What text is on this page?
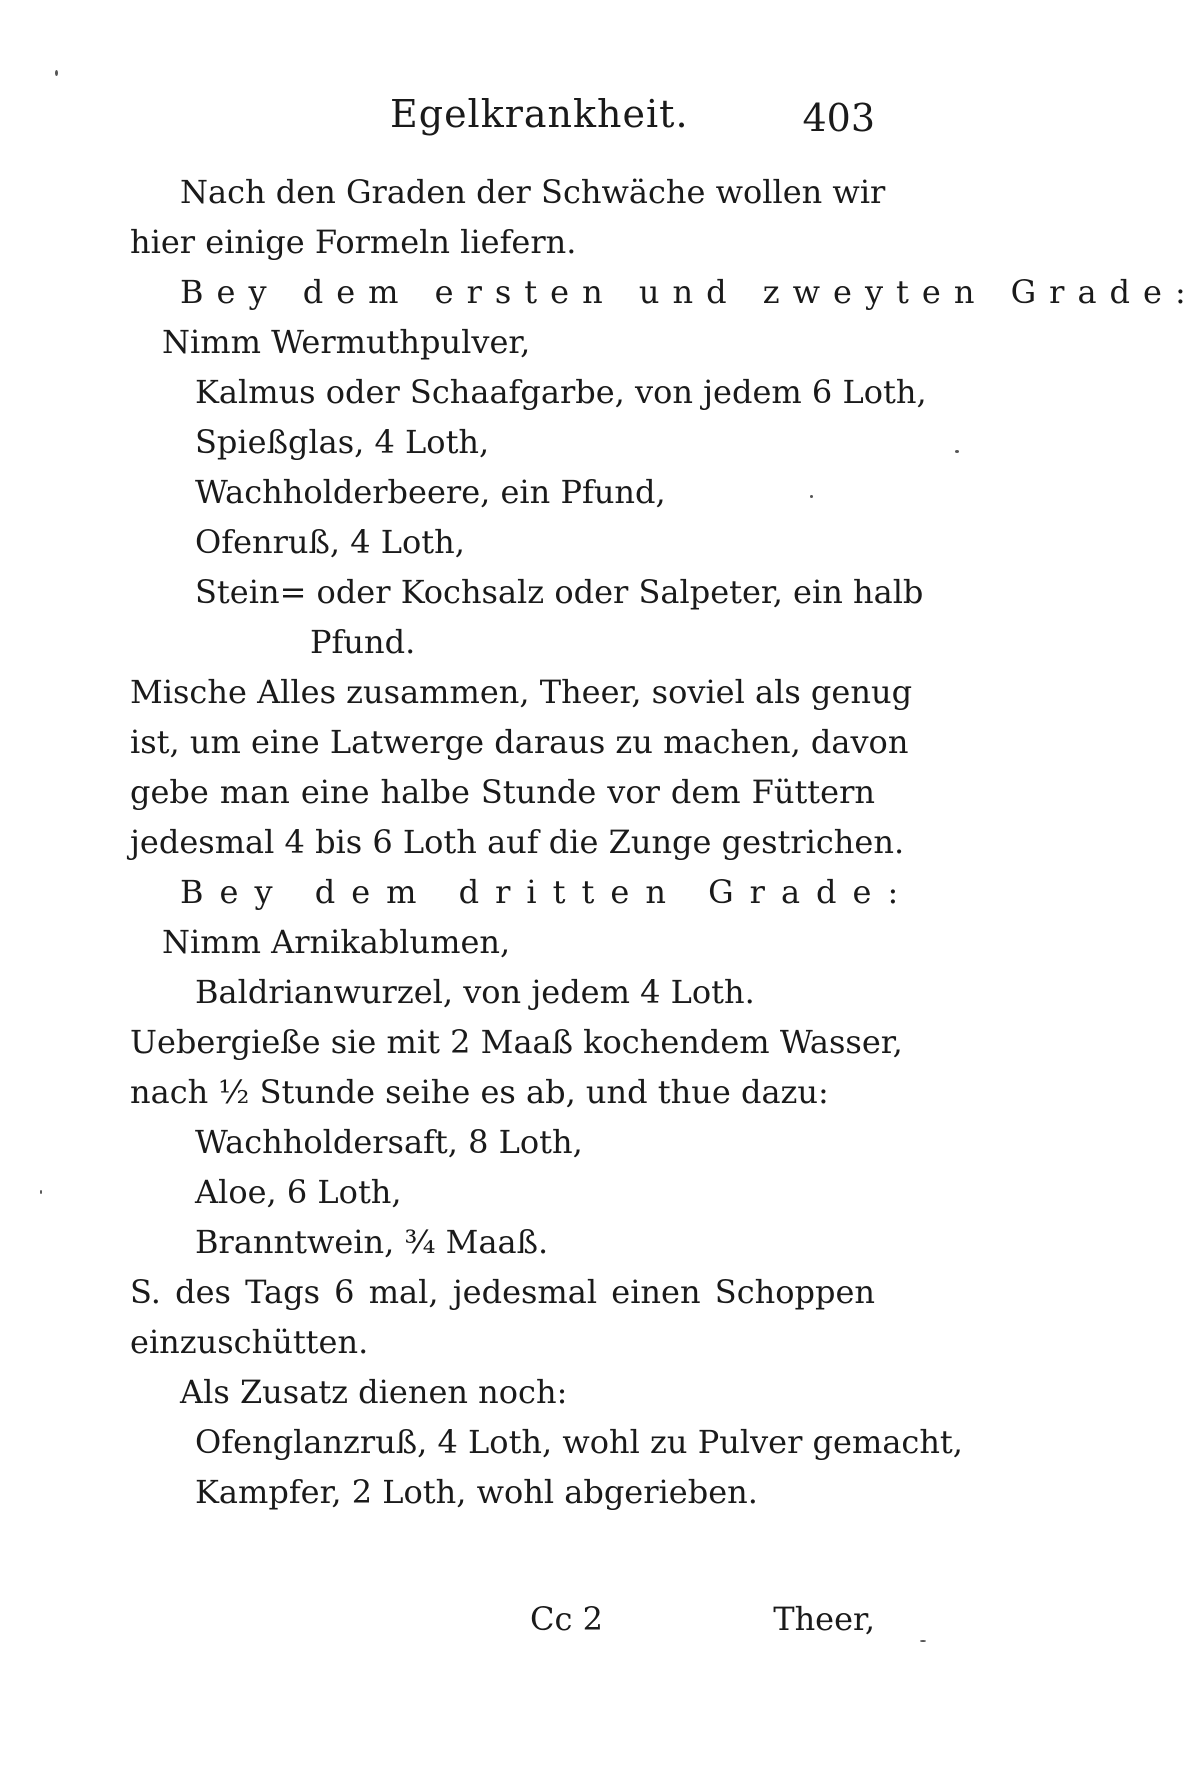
Egelkrankheit.	403
Nach den Graden der Schwäche wollen wir
hier einige Formeln liefern.
Bey dem ersten und zweyten Grade:
Nimm Wermuthpulver,
Kalmus oder Schaafgarbe, von jedem 6 Loth,
Spießglas, 4 Loth,
Wachholderbeere, ein Pfund,
Ofenruß, 4 Loth,
Stein= oder Kochsalz oder Salpeter, ein halb
Pfund.
Mische Alles zusammen, Theer, soviel als genug
ist, um eine Latwerge daraus zu machen, davon
gebe man eine halbe Stunde vor dem Füttern
jedesmal 4 bis 6 Loth auf die Zunge gestrichen.
Bey dem dritten Grade:
Nimm Arnikablumen,
Baldrianwurzel, von jedem 4 Loth.
Uebergieße sie mit 2 Maaß kochendem Wasser,
nach ½ Stunde seihe es ab, und thue dazu:
Wachholdersaft, 8 Loth,
Aloe, 6 Loth,
Branntwein, ¾ Maaß.
S. des Tags 6 mal, jedesmal einen Schoppen
einzuschütten.
Als Zusatz dienen noch:
Ofenglanzruß, 4 Loth, wohl zu Pulver gemacht,
Kampfer, 2 Loth, wohl abgerieben.
Cc 2	Theer,
